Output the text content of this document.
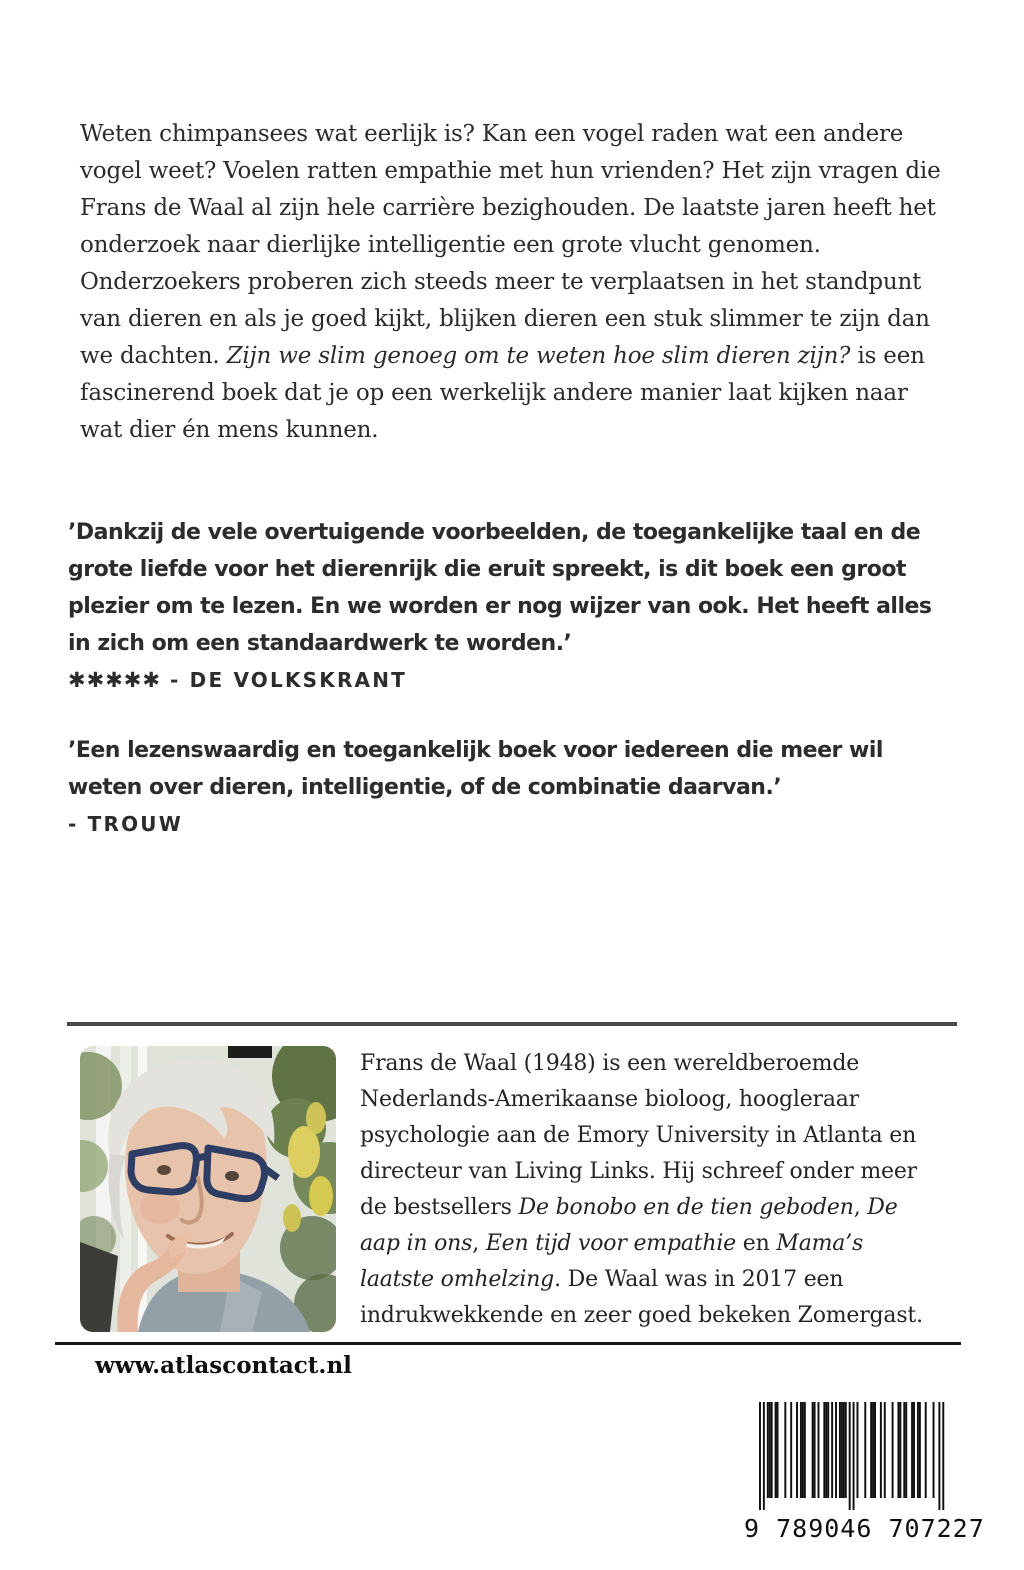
Weten chimpansees wat eerlijk is? Kan een vogel raden wat een andere vogel weet? Voelen ratten empathie met hun vrienden? Het zijn vragen die Frans de Waal al zijn hele carrière bezighouden. De laatste jaren heeft het onderzoek naar dierlijke intelligentie een grote vlucht genomen. Onderzoekers proberen zich steeds meer te verplaatsen in het standpunt van dieren en als je goed kijkt, blijken dieren een stuk slimmer te zijn dan we dachten. Zijn we slim genoeg om te weten hoe slim dieren zijn? is een fascinerend boek dat je op een werkelijk andere manier laat kijken naar wat dier én mens kunnen.
’Dankzij de vele overtuigende voorbeelden, de toegankelijke taal en de grote liefde voor het dierenrijk die eruit spreekt, is dit boek een groot plezier om te lezen. En we worden er nog wijzer van ook. Het heeft alles in zich om een standaardwerk te worden.’
✱✱✱✱✱ - DE VOLKSKRANT
’Een lezenswaardig en toegankelijk boek voor iedereen die meer wil weten over dieren, intelligentie, of de combinatie daarvan.’
- TROUW
Frans de Waal (1948) is een wereldberoemde Nederlands-Amerikaanse bioloog, hoogleraar psychologie aan de Emory University in Atlanta en directeur van Living Links. Hij schreef onder meer de bestsellers De bonobo en de tien geboden, De aap in ons, Een tijd voor empathie en Mama’s laatste omhelzing. De Waal was in 2017 een indrukwekkende en zeer goed bekeken Zomergast.
www.atlascontact.nl
9 789046 707227
